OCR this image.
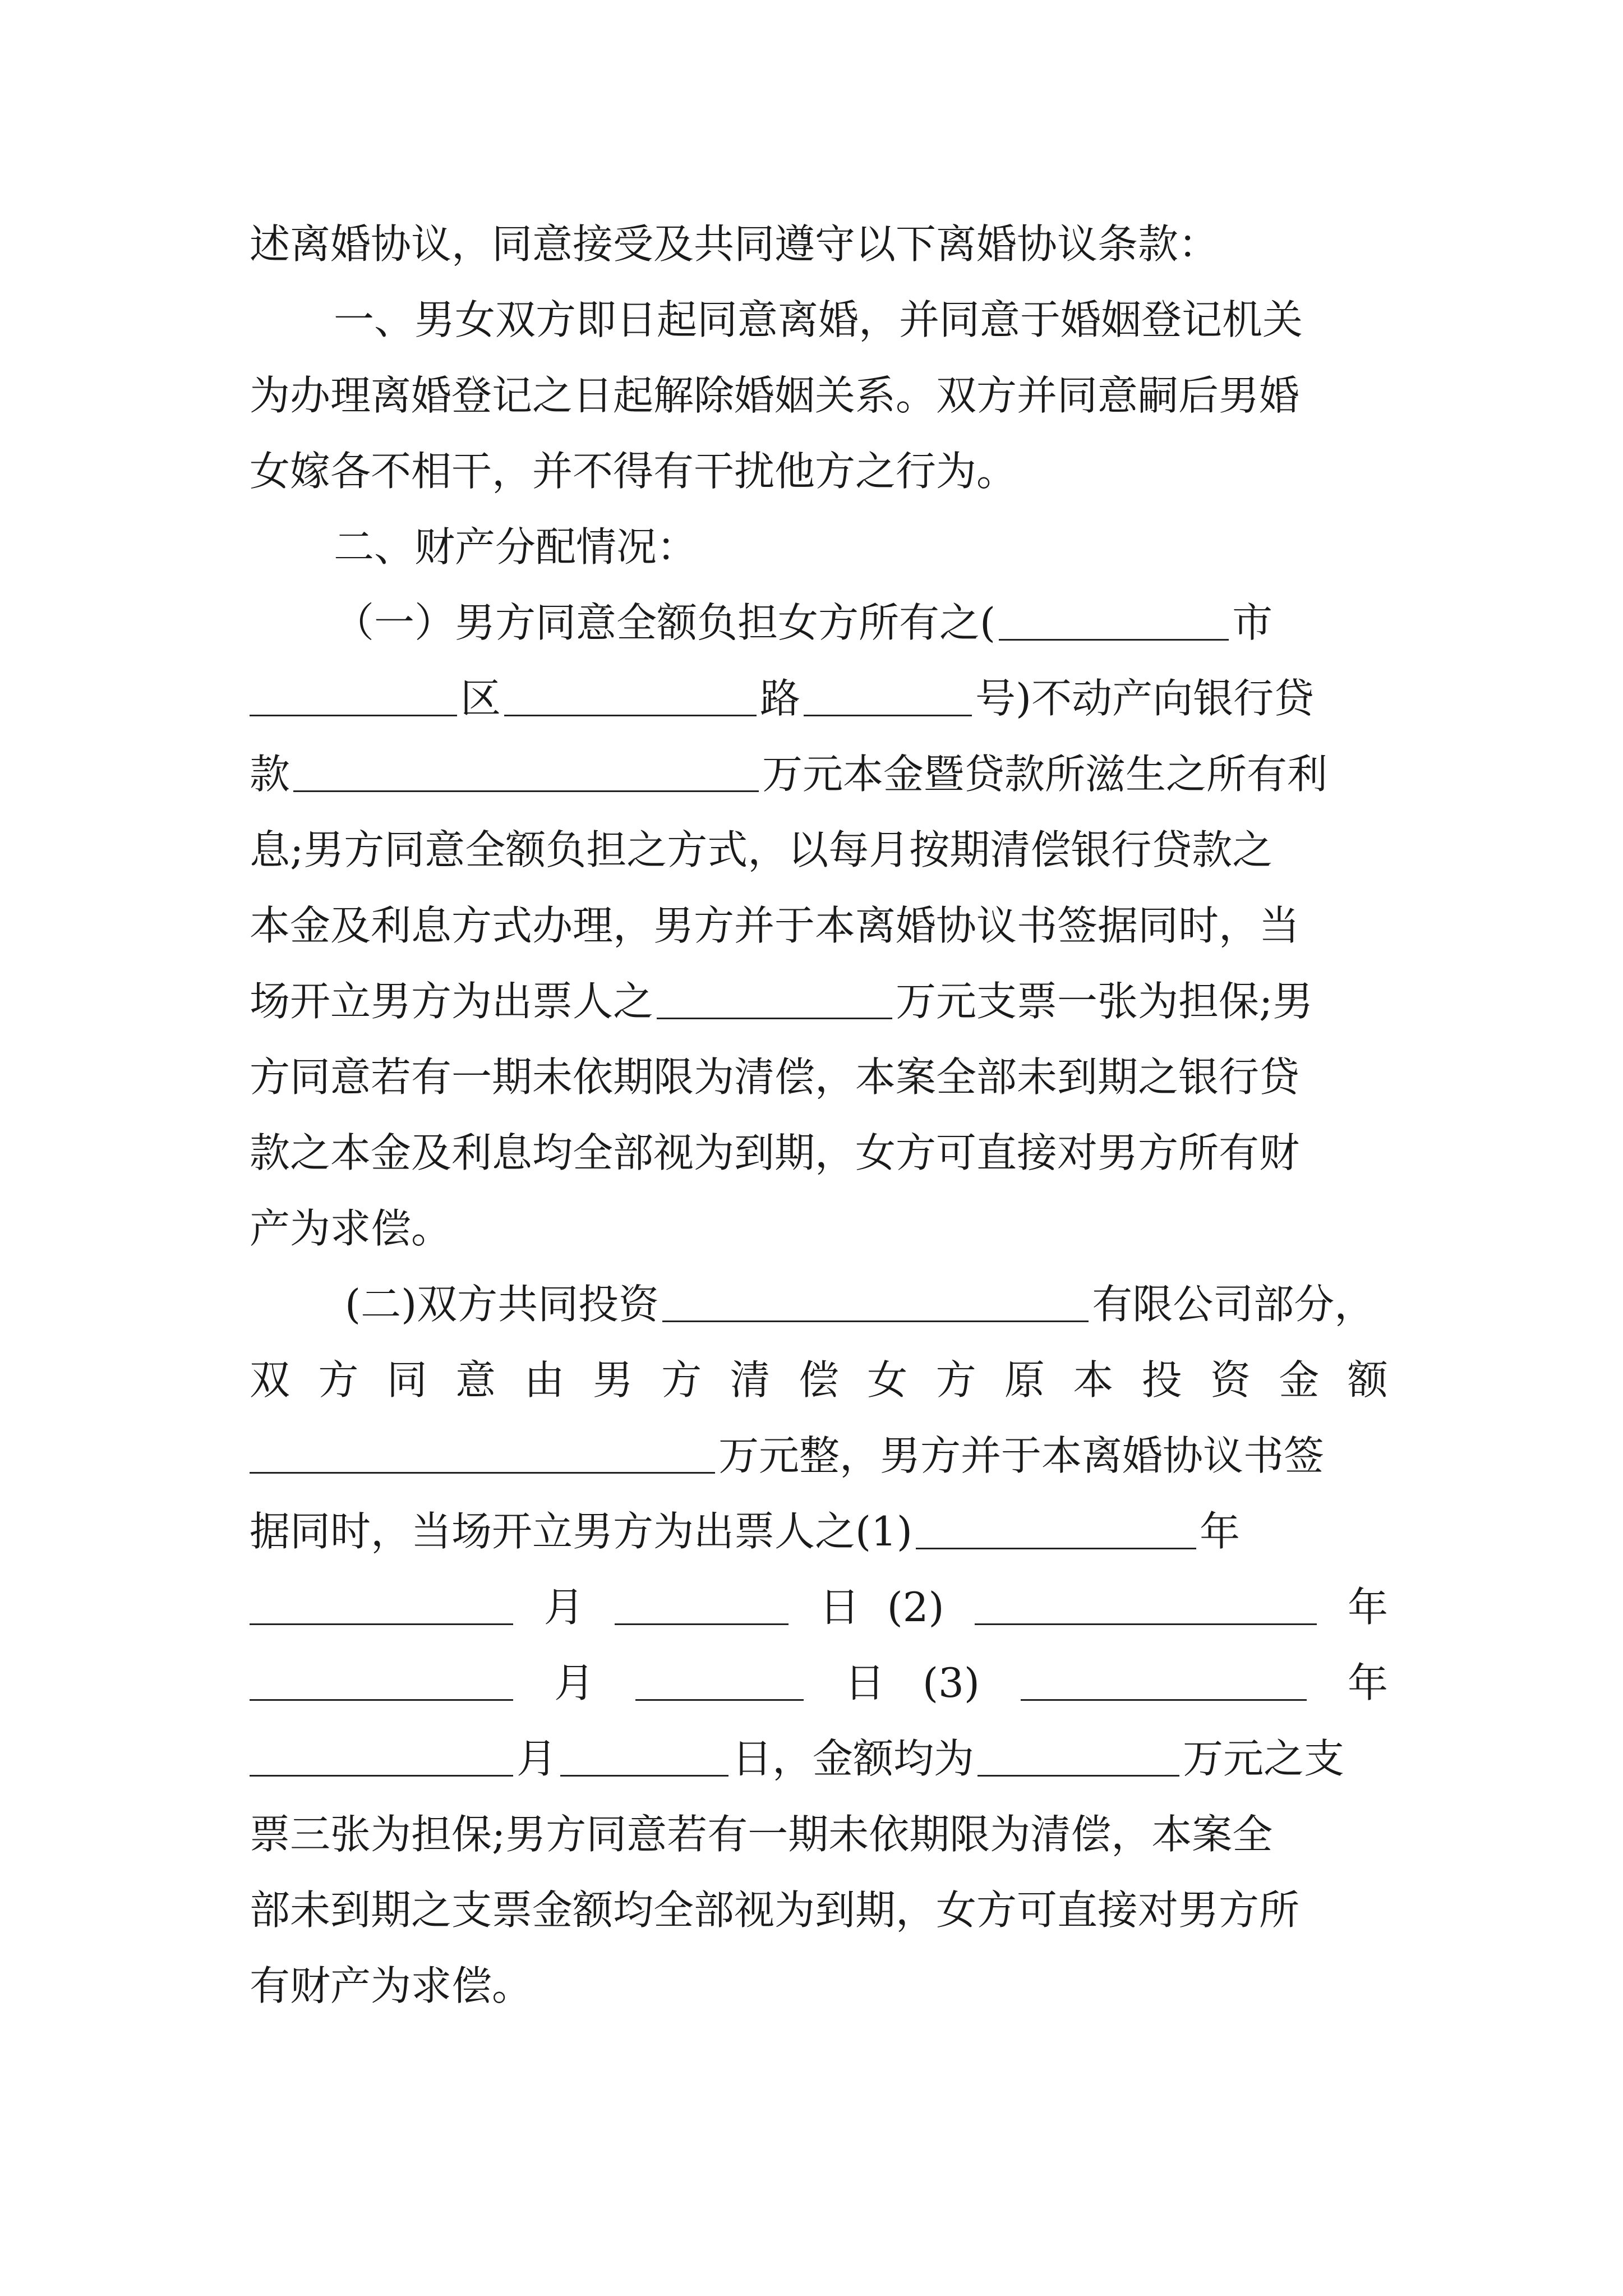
述离婚协议，同意接受及共同遵守以下离婚协议条款：
一、男女双方即日起同意离婚，并同意于婚姻登记机关
为办理离婚登记之日起解除婚姻关系。双方并同意嗣后男婚
女嫁各不相干，并不得有干扰他方之行为。
二、财产分配情况：
（一）男方同意全额负担女方所有之(	市
区	路	号)不动产向银行贷
款	万元本金暨贷款所滋生之所有利
息;男方同意全额负担之方式，以每月按期清偿银行贷款之
本金及利息方式办理，男方并于本离婚协议书签据同时，当
场开立男方为出票人之	万元支票一张为担保;男
方同意若有一期未依期限为清偿，本案全部未到期之银行贷
款之本金及利息均全部视为到期，女方可直接对男方所有财
产为求偿。
(二)双方共同投资	有限公司部分，
双 方 同 意 由 男 方 清 偿 女 方 原 本 投 资 金 额
万元整，男方并于本离婚协议书签
据同时，当场开立男方为出票人之(1)	年
月	日 (2)	年
月	日 (3)	年
月	日，金额均为	万元之支
票三张为担保;男方同意若有一期未依期限为清偿，本案全
部未到期之支票金额均全部视为到期，女方可直接对男方所
有财产为求偿。
